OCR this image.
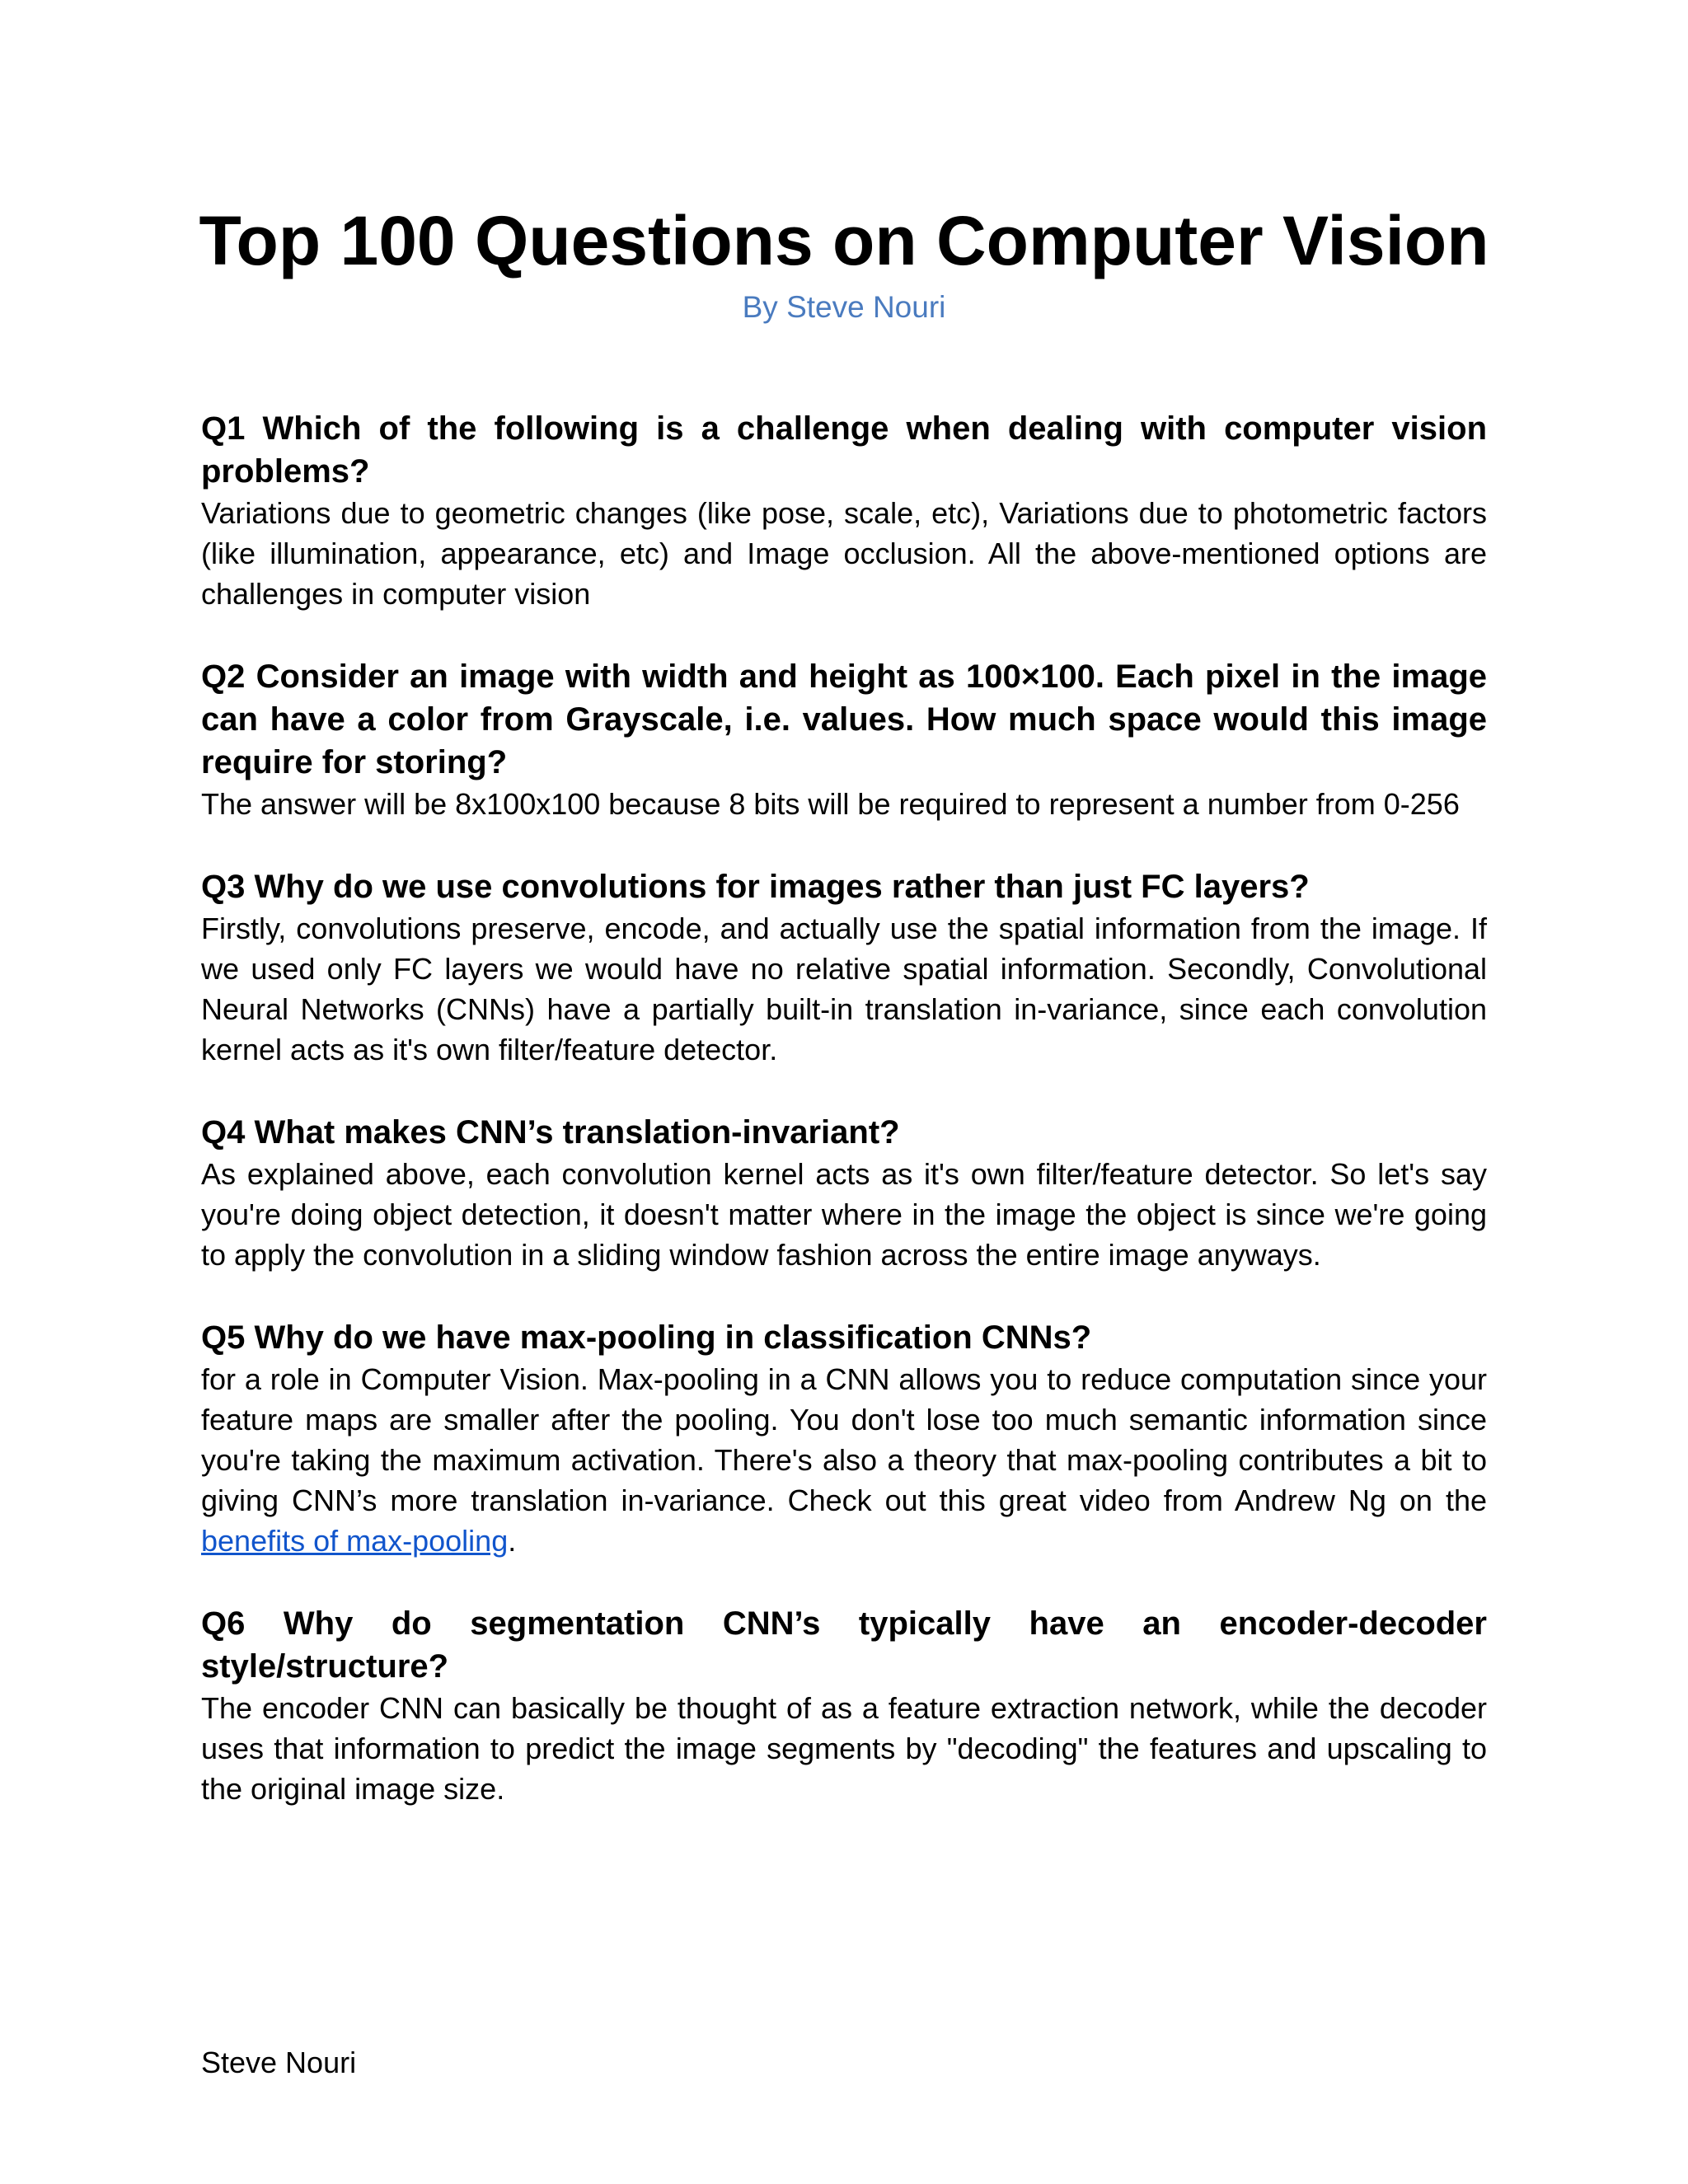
Top 100 Questions on Computer Vision

By Steve Nouri

Q1 Which of the following is a challenge when dealing with computer vision problems?

Variations due to geometric changes (like pose, scale, etc), Variations due to photometric factors (like illumination, appearance, etc) and Image occlusion. All the above-mentioned options are challenges in computer vision

Q2 Consider an image with width and height as 100×100. Each pixel in the image can have a color from Grayscale, i.e. values. How much space would this image require for storing?

The answer will be 8x100x100 because 8 bits will be required to represent a number from 0-256

Q3 Why do we use convolutions for images rather than just FC layers?

Firstly, convolutions preserve, encode, and actually use the spatial information from the image. If we used only FC layers we would have no relative spatial information. Secondly, Convolutional Neural Networks (CNNs) have a partially built-in translation in-variance, since each convolution kernel acts as it's own filter/feature detector.

Q4 What makes CNN’s translation-invariant?

As explained above, each convolution kernel acts as it's own filter/feature detector. So let's say you're doing object detection, it doesn't matter where in the image the object is since we're going to apply the convolution in a sliding window fashion across the entire image anyways.

Q5 Why do we have max-pooling in classification CNNs?

for a role in Computer Vision. Max-pooling in a CNN allows you to reduce computation since your feature maps are smaller after the pooling. You don't lose too much semantic information since you're taking the maximum activation. There's also a theory that max-pooling contributes a bit to giving CNN’s more translation in-variance. Check out this great video from Andrew Ng on the benefits of max-pooling.

Q6 Why do segmentation CNN’s typically have an encoder-decoder style/structure?

The encoder CNN can basically be thought of as a feature extraction network, while the decoder uses that information to predict the image segments by "decoding" the features and upscaling to the original image size.

Steve Nouri
